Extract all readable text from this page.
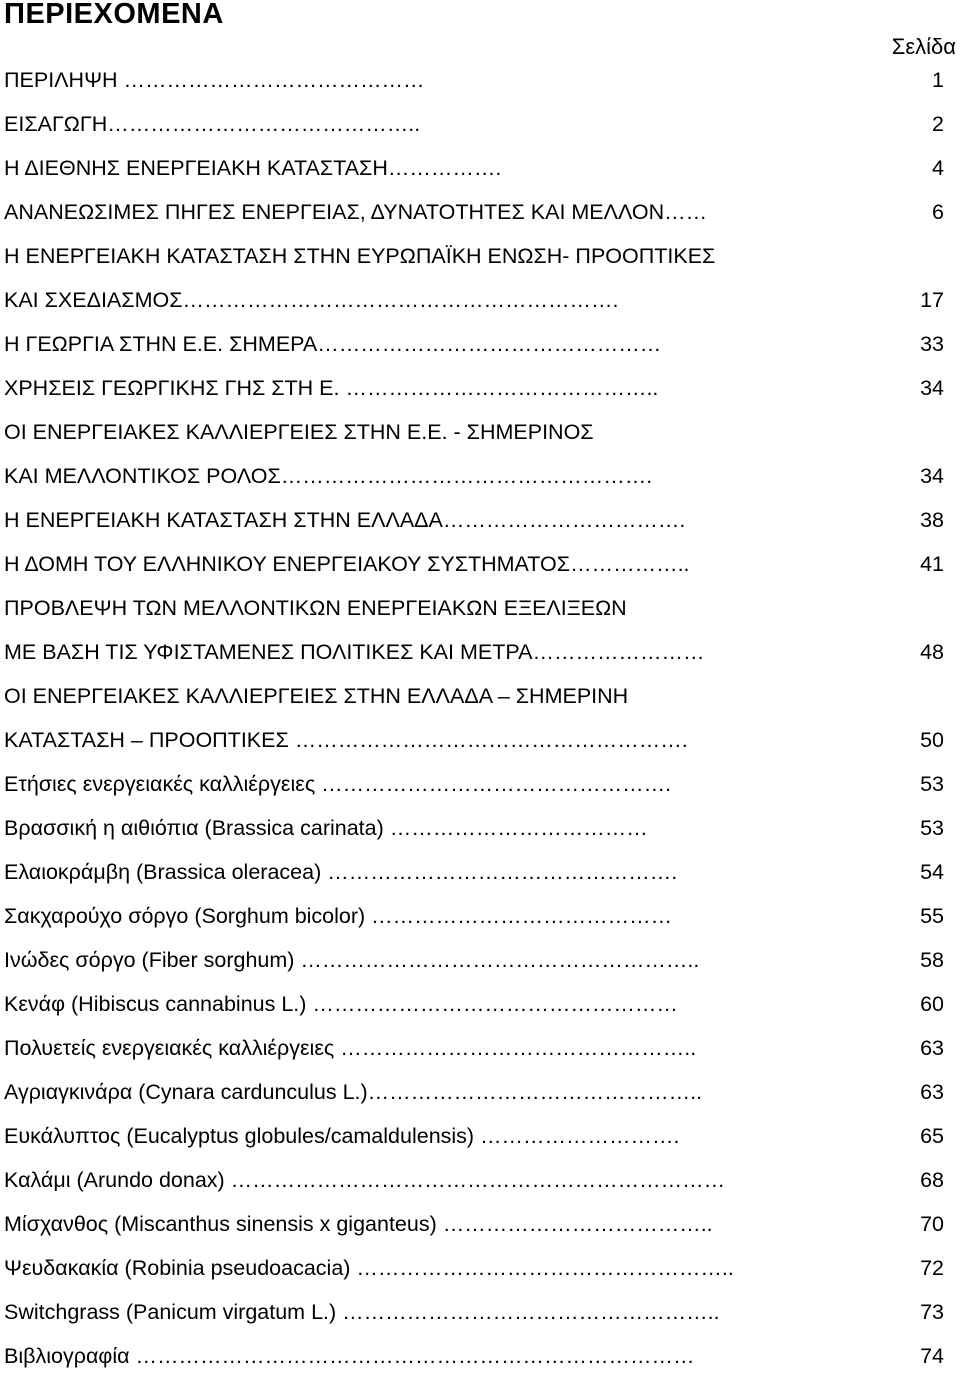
ΠΕΡΙΕΧΟΜΕΝΑ
Σελίδα
ΠΕΡΙΛΗΨΗ ……………………………………	1
ΕΙΣΑΓΩΓΗ……………………………………..	2
Η ΔΙΕΘΝΗΣ ΕΝΕΡΓΕΙΑΚΗ ΚΑΤΑΣΤΑΣΗ…………….	4
ΑΝΑΝΕΩΣΙΜΕΣ ΠΗΓΕΣ ΕΝΕΡΓΕΙΑΣ, ΔΥΝΑΤΟΤΗΤΕΣ ΚΑΙ ΜΕΛΛΟΝ……	6
Η ΕΝΕΡΓΕΙΑΚΗ ΚΑΤΑΣΤΑΣΗ ΣΤΗΝ ΕΥΡΩΠΑΪΚΗ ΕΝΩΣΗ- ΠΡΟΟΠΤΙΚΕΣ
ΚΑΙ ΣΧΕΔΙΑΣΜΟΣ…………………………………………………….	17
Η ΓΕΩΡΓΙΑ ΣΤΗΝ Ε.Ε. ΣΗΜΕΡΑ…………………………………………	33
ΧΡΗΣΕΙΣ ΓΕΩΡΓΙΚΗΣ ΓΗΣ ΣΤΗ Ε. ……………………………………..	34
ΟΙ ΕΝΕΡΓΕΙΑΚΕΣ ΚΑΛΛΙΕΡΓΕΙΕΣ ΣΤΗΝ Ε.Ε. - ΣΗΜΕΡΙΝΟΣ
ΚΑΙ ΜΕΛΛΟΝΤΙΚΟΣ ΡΟΛΟΣ…………………………………………….	34
Η ΕΝΕΡΓΕΙΑΚΗ ΚΑΤΑΣΤΑΣΗ ΣΤΗΝ ΕΛΛΑΔΑ…………………………….	38
Η ΔΟΜΗ ΤΟΥ ΕΛΛΗΝΙΚΟΥ ΕΝΕΡΓΕΙΑΚΟΥ ΣΥΣΤΗΜΑΤΟΣ……………..	41
ΠΡΟΒΛΕΨΗ ΤΩΝ ΜΕΛΛΟΝΤΙΚΩΝ ΕΝΕΡΓΕΙΑΚΩΝ ΕΞΕΛΙΞΕΩΝ
ΜΕ ΒΑΣΗ ΤΙΣ ΥΦΙΣΤΑΜΕΝΕΣ ΠΟΛΙΤΙΚΕΣ ΚΑΙ ΜΕΤΡΑ……………………	48
ΟΙ ΕΝΕΡΓΕΙΑΚΕΣ ΚΑΛΛΙΕΡΓΕΙΕΣ ΣΤΗΝ ΕΛΛΑΔΑ – ΣΗΜΕΡΙΝΗ
ΚΑΤΑΣΤΑΣΗ – ΠΡΟΟΠΤΙΚΕΣ ……………………………………………….	50
Ετήσιες ενεργειακές καλλιέργειες ………………………………………….	53
Βρασσική η αιθιόπια (Brassica carinata) ………………………………	53
Ελαιοκράμβη (Brassica oleracea) ………………………………………….	54
Σακχαρούχο σόργο (Sorghum bicolor) ……………………………………	55
Ινώδες σόργο (Fiber sorghum) ………………………………………………..	58
Κενάφ (Hibiscus cannabinus L.) ……………………………………………	60
Πολυετείς ενεργειακές καλλιέργειες …………………………………………..	63
Αγριαγκινάρα (Cynara cardunculus L.)………………………………………..	63
Ευκάλυπτος (Eucalyptus globules/camaldulensis) ……………………….	65
Καλάμι (Arundo donax) ……………………………………………………………	68
Μίσχανθος (Miscanthus sinensis x giganteus) ………………………………..	70
Ψευδακακία (Robinia pseudoacacia) ……………………………………………..	72
Switchgrass (Panicum virgatum L.) ……………………………………………..	73
Βιβλιογραφία ……………………………………………………………………	74
